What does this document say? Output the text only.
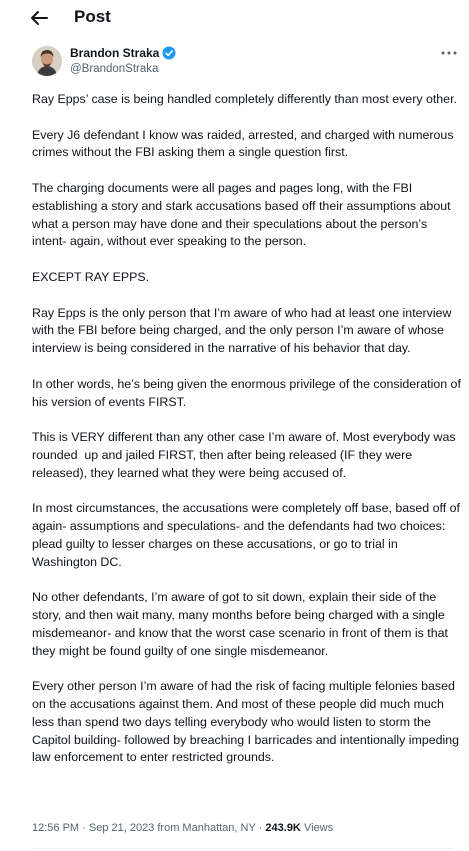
Post
Brandon Straka
@BrandonStraka

Ray Epps’ case is being handled completely differently than most every other.

Every J6 defendant I know was raided, arrested, and charged with numerous crimes without the FBI asking them a single question first.

The charging documents were all pages and pages long, with the FBI establishing a story and stark accusations based off their assumptions about what a person may have done and their speculations about the person’s intent- again, without ever speaking to the person.

EXCEPT RAY EPPS.

Ray Epps is the only person that I’m aware of who had at least one interview with the FBI before being charged, and the only person I’m aware of whose interview is being considered in the narrative of his behavior that day.

In other words, he’s being given the enormous privilege of the consideration of his version of events FIRST.

This is VERY different than any other case I’m aware of. Most everybody was rounded  up and jailed FIRST, then after being released (IF they were released), they learned what they were being accused of.

In most circumstances, the accusations were completely off base, based off of again- assumptions and speculations- and the defendants had two choices: plead guilty to lesser charges on these accusations, or go to trial in Washington DC.

No other defendants, I’m aware of got to sit down, explain their side of the story, and then wait many, many months before being charged with a single misdemeanor- and know that the worst case scenario in front of them is that they might be found guilty of one single misdemeanor.

Every other person I’m aware of had the risk of facing multiple felonies based on the accusations against them. And most of these people did much much less than spend two days telling everybody who would listen to storm the Capitol building- followed by breaching I barricades and intentionally impeding law enforcement to enter restricted grounds.

12:56 PM · Sep 21, 2023 from Manhattan, NY · 243.9K Views
